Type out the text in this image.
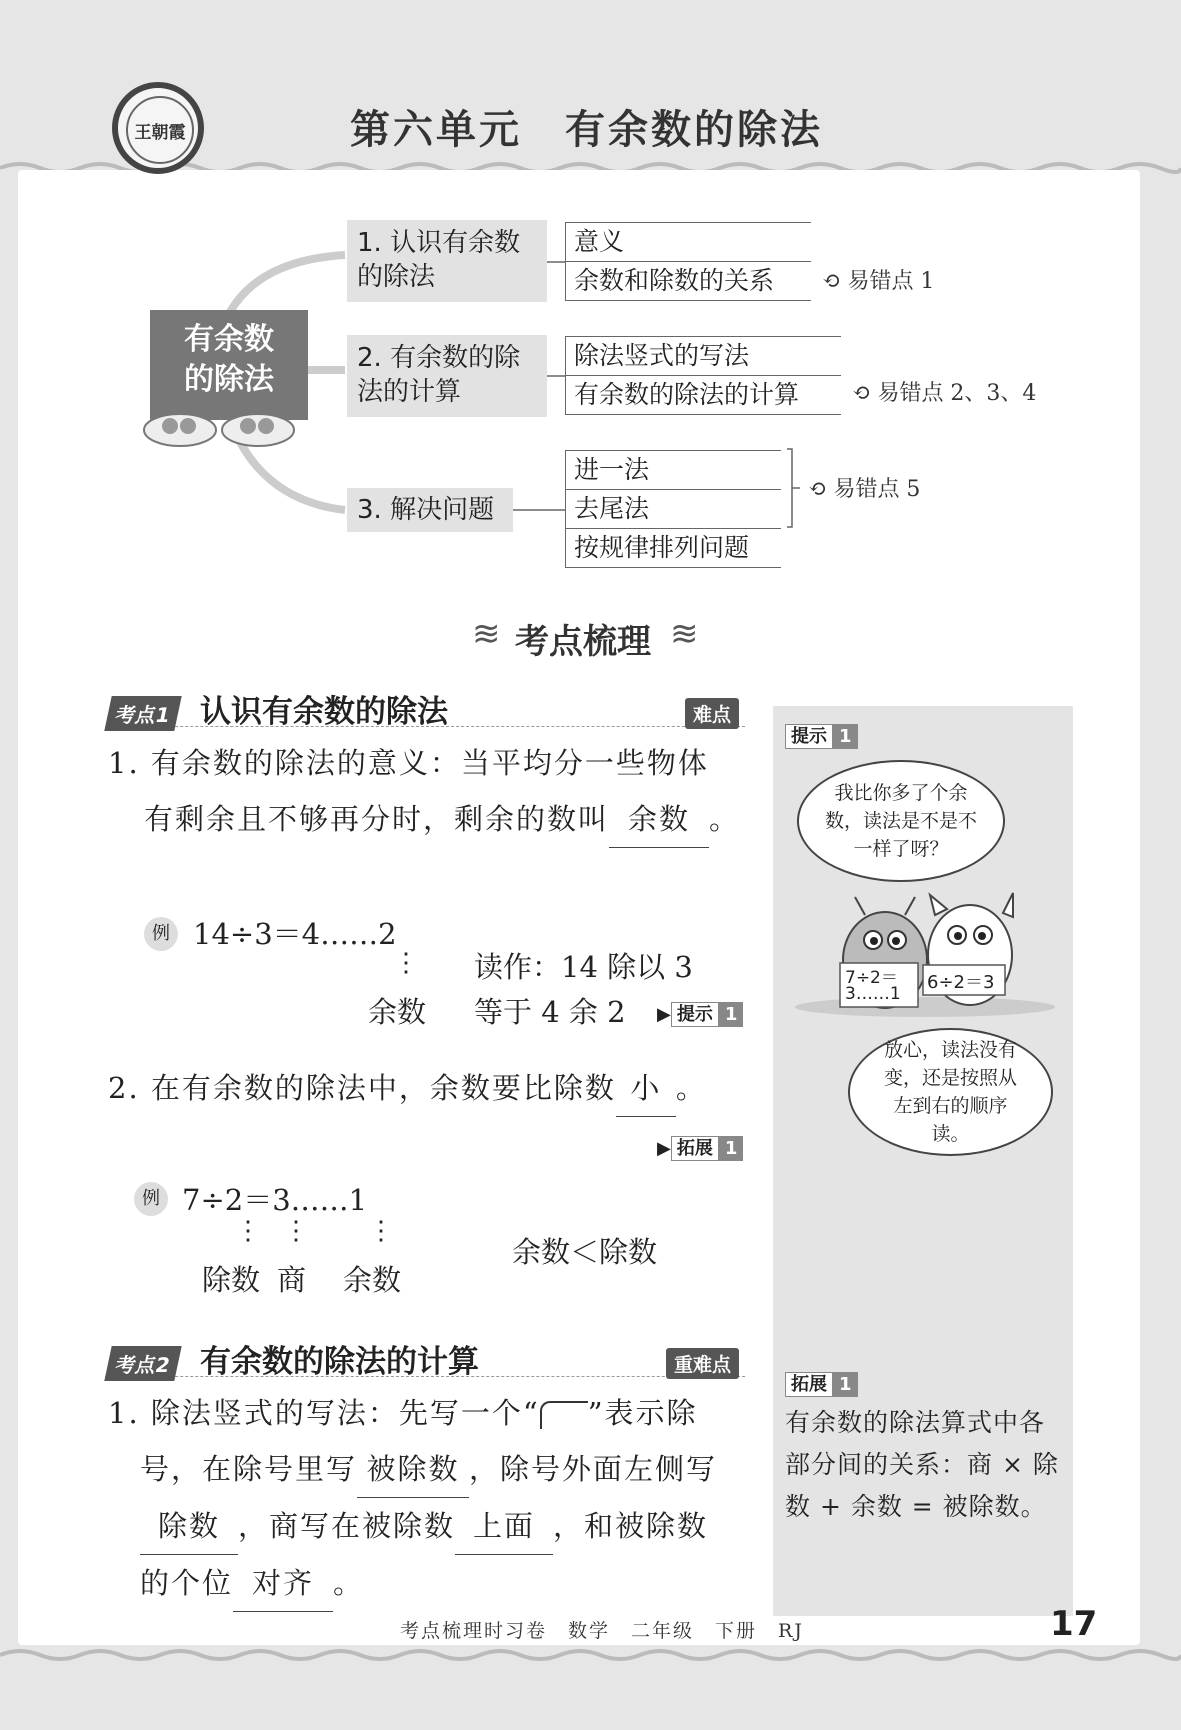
王朝霞	第六单元　有余数的除法
有余数的除法
1. 认识有余数的除法
意义
余数和除数的关系	⟲ 易错点 1
2. 有余数的除法的计算
除法竖式的写法
有余数的除法的计算	⟲ 易错点 2、3、4
3. 解决问题
进一法
去尾法
按规律排列问题
⟲ 易错点 5
≋ 考点梳理 ≋
考点1 认识有余数的除法	难点
1. 有余数的除法的意义：当平均分一些物体
有剩余且不够再分时，剩余的数叫 余数 。
例 14÷3＝4……2
⋮
余数
读作：14 除以 3
等于 4 余 2 ▶ 提示 1
2. 在有余数的除法中，余数要比除数 小 。
▶ 拓展 1
例 7÷2＝3……1
⋮ ⋮ ⋮
除数 商 余数
余数＜除数
考点2 有余数的除法的计算	重难点
1. 除法竖式的写法：先写一个“ ”表示除
号，在除号里写 被除数 ，除号外面左侧写
除数 ，商写在被除数 上面 ，和被除数
的个位 对齐 。
提示 1
我比你多了个余数，读法是不是不一样了呀？
7÷2＝
3……1
6÷2＝3
放心，读法没有变，还是按照从左到右的顺序读。
拓展 1
有余数的除法算式中各部分间的关系：商 × 除数 + 余数 = 被除数。
考点梳理时习卷　数学　二年级　下册　RJ	17
